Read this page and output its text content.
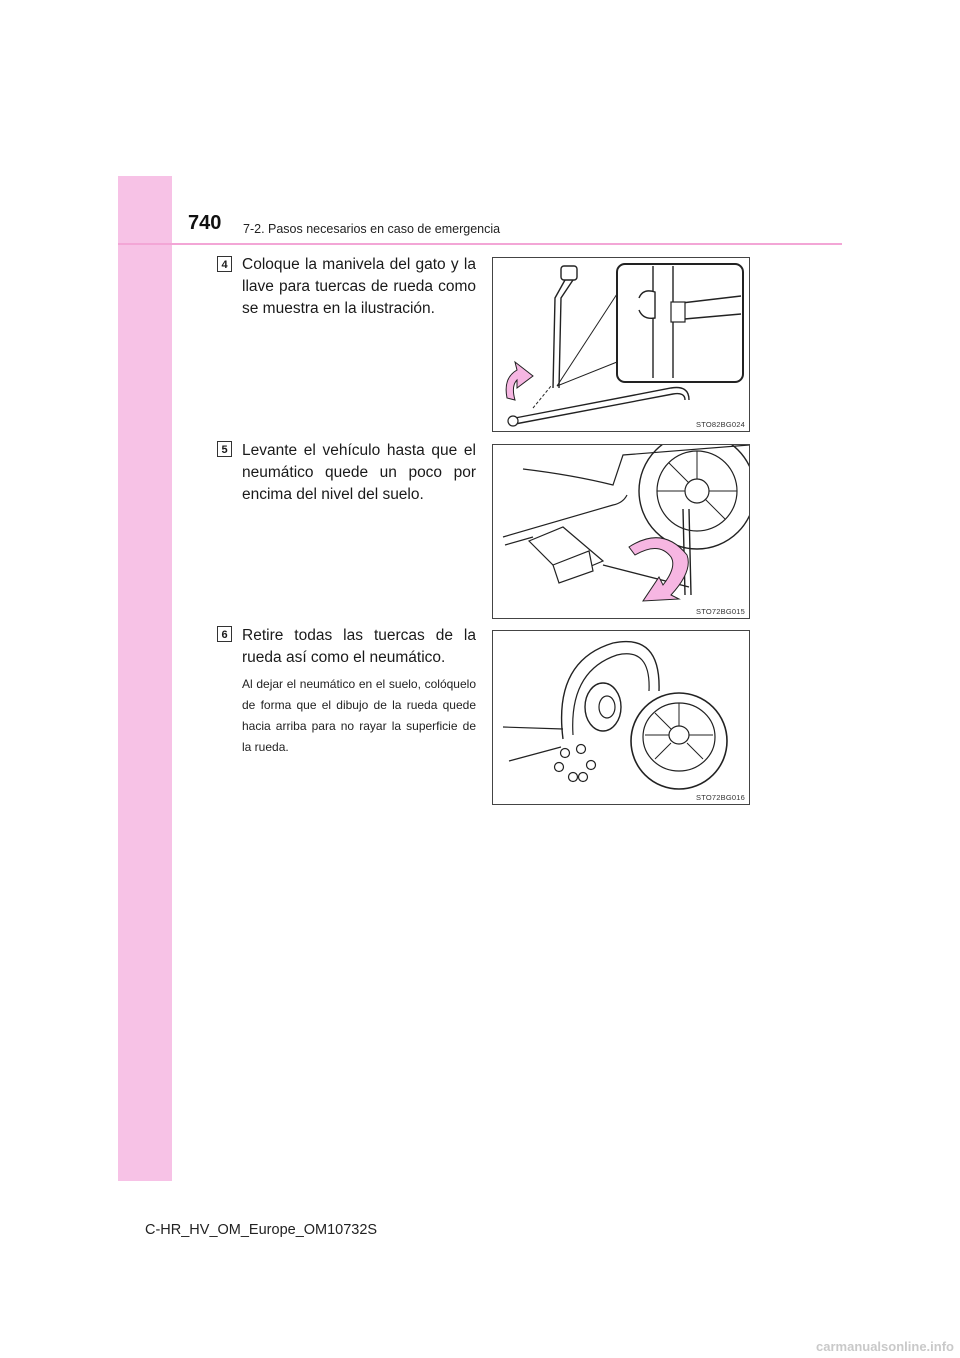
740 7-2. Pasos necesarios en caso de emergencia
4 Coloque la manivela del gato y la llave para tuercas de rueda como se muestra en la ilustración.
STO82BG024
5 Levante el vehículo hasta que el neumático quede un poco por encima del nivel del suelo.
STO72BG015
6 Retire todas las tuercas de la rueda así como el neumático.
Al dejar el neumático en el suelo, colóquelo de forma que el dibujo de la rueda quede hacia arriba para no rayar la superficie de la rueda.
STO72BG016
C-HR_HV_OM_Europe_OM10732S
carmanualsonline.info
